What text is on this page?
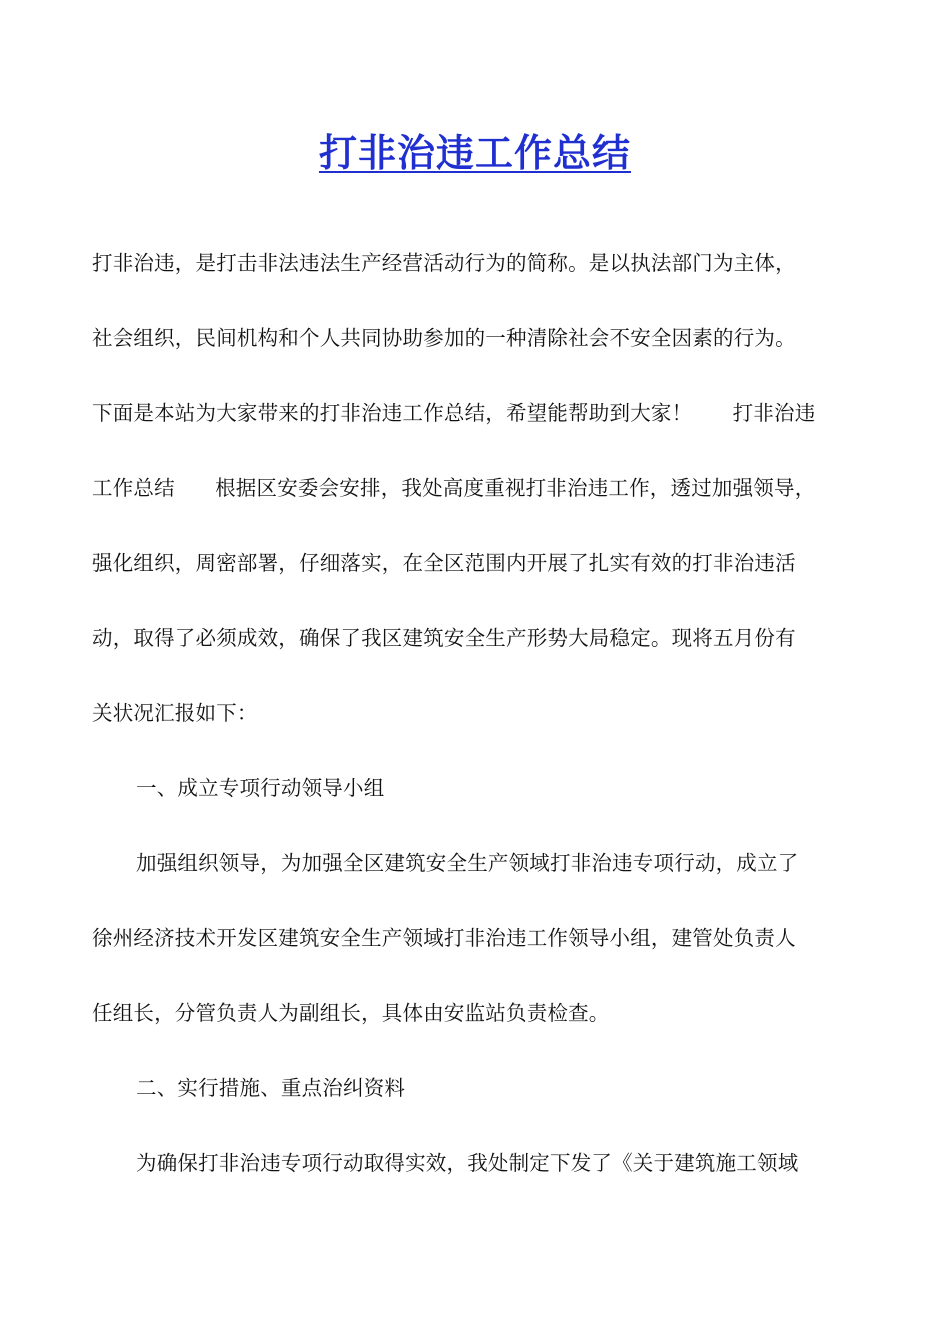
打非治违工作总结
打非治违，是打击非法违法生产经营活动行为的简称。是以执法部门为主体，
社会组织，民间机构和个人共同协助参加的一种清除社会不安全因素的行为。
下面是本站为大家带来的打非治违工作总结，希望能帮助到大家！      打非治违
工作总结      根据区安委会安排，我处高度重视打非治违工作，透过加强领导，
强化组织，周密部署，仔细落实，在全区范围内开展了扎实有效的打非治违活
动，取得了必须成效，确保了我区建筑安全生产形势大局稳定。现将五月份有
关状况汇报如下：
一、成立专项行动领导小组
加强组织领导，为加强全区建筑安全生产领域打非治违专项行动，成立了
徐州经济技术开发区建筑安全生产领域打非治违工作领导小组，建管处负责人
任组长，分管负责人为副组长，具体由安监站负责检查。
二、实行措施、重点治纠资料
为确保打非治违专项行动取得实效，我处制定下发了《关于建筑施工领域
